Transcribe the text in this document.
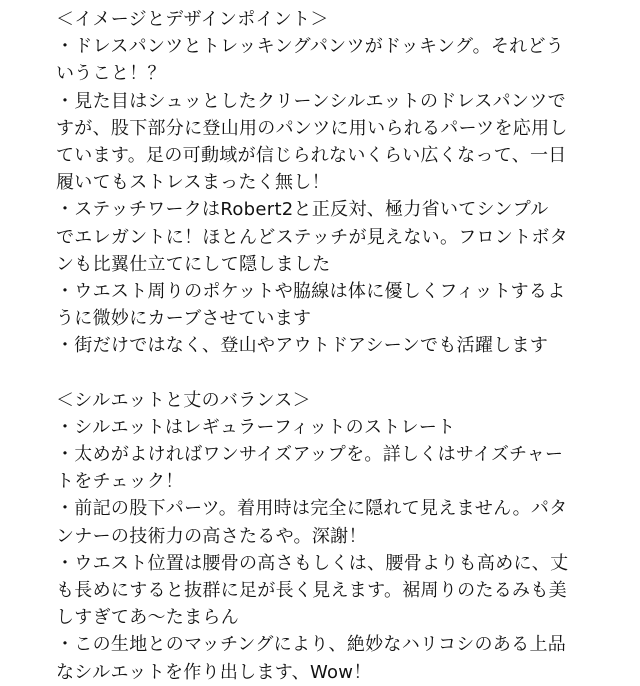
＜イメージとデザインポイント＞
・ドレスパンツとトレッキングパンツがドッキング。それどう
いうこと！？
・見た目はシュッとしたクリーンシルエットのドレスパンツで
すが、股下部分に登山用のパンツに用いられるパーツを応用し
ています。足の可動域が信じられないくらい広くなって、一日
履いてもストレスまったく無し！
・ステッチワークはRobert2と正反対、極力省いてシンプル
でエレガントに！ほとんどステッチが見えない。フロントボタ
ンも比翼仕立てにして隠しました
・ウエスト周りのポケットや脇線は体に優しくフィットするよ
うに微妙にカーブさせています
・街だけではなく、登山やアウトドアシーンでも活躍します
＜シルエットと丈のバランス＞
・シルエットはレギュラーフィットのストレート
・太めがよければワンサイズアップを。詳しくはサイズチャー
トをチェック！
・前記の股下パーツ。着用時は完全に隠れて見えません。パタ
ンナーの技術力の高さたるや。深謝！
・ウエスト位置は腰骨の高さもしくは、腰骨よりも高めに、丈
も長めにすると抜群に足が長く見えます。裾周りのたるみも美
しすぎてあ〜たまらん
・この生地とのマッチングにより、絶妙なハリコシのある上品
なシルエットを作り出します、Wow！
